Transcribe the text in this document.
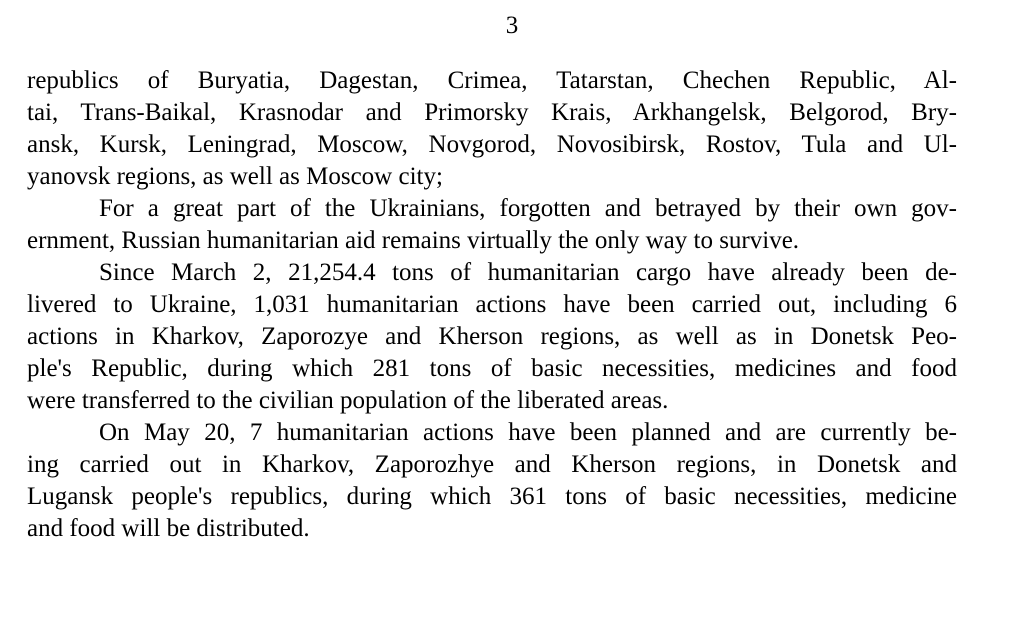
3

republics of Buryatia, Dagestan, Crimea, Tatarstan, Chechen Republic, Al-
tai, Trans-Baikal, Krasnodar and Primorsky Krais, Arkhangelsk, Belgorod, Bry-
ansk, Kursk, Leningrad, Moscow, Novgorod, Novosibirsk, Rostov, Tula and Ul-
yanovsk regions, as well as Moscow city;

For a great part of the Ukrainians, forgotten and betrayed by their own gov-
ernment, Russian humanitarian aid remains virtually the only way to survive.

Since March 2, 21,254.4 tons of humanitarian cargo have already been de-
livered to Ukraine, 1,031 humanitarian actions have been carried out, including 6
actions in Kharkov, Zaporozye and Kherson regions, as well as in Donetsk Peo-
ple's Republic, during which 281 tons of basic necessities, medicines and food
were transferred to the civilian population of the liberated areas.

On May 20, 7 humanitarian actions have been planned and are currently be-
ing carried out in Kharkov, Zaporozhye and Kherson regions, in Donetsk and
Lugansk people's republics, during which 361 tons of basic necessities, medicine
and food will be distributed.
